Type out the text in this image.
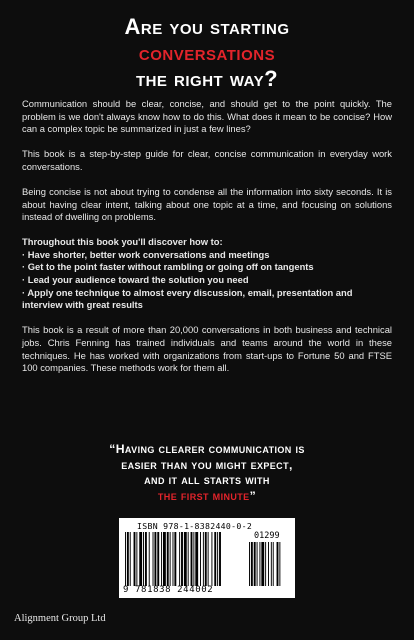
Are you starting
conversations
the right way?

Communication should be clear, concise, and should get to the point quickly. The problem is we don't always know how to do this. What does it mean to be concise? How can a complex topic be summarized in just a few lines?

This book is a step-by-step guide for clear, concise communication in everyday work conversations.

Being concise is not about trying to condense all the information into sixty seconds. It is about having clear intent, talking about one topic at a time, and focusing on solutions instead of dwelling on problems.

Throughout this book you'll discover how to:
· Have shorter, better work conversations and meetings
· Get to the point faster without rambling or going off on tangents
· Lead your audience toward the solution you need
· Apply one technique to almost every discussion, email, presentation and interview with great results

This book is a result of more than 20,000 conversations in both business and technical jobs. Chris Fenning has trained individuals and teams around the world in these techniques. He has worked with organizations from start-ups to Fortune 50 and FTSE 100 companies. These methods work for them all.

“Having clearer communication is
easier than you might expect,
and it all starts with
the first minute”
ISBN 978-1-8382440-0-2
01299
9 781838 244002
Alignment Group Ltd
